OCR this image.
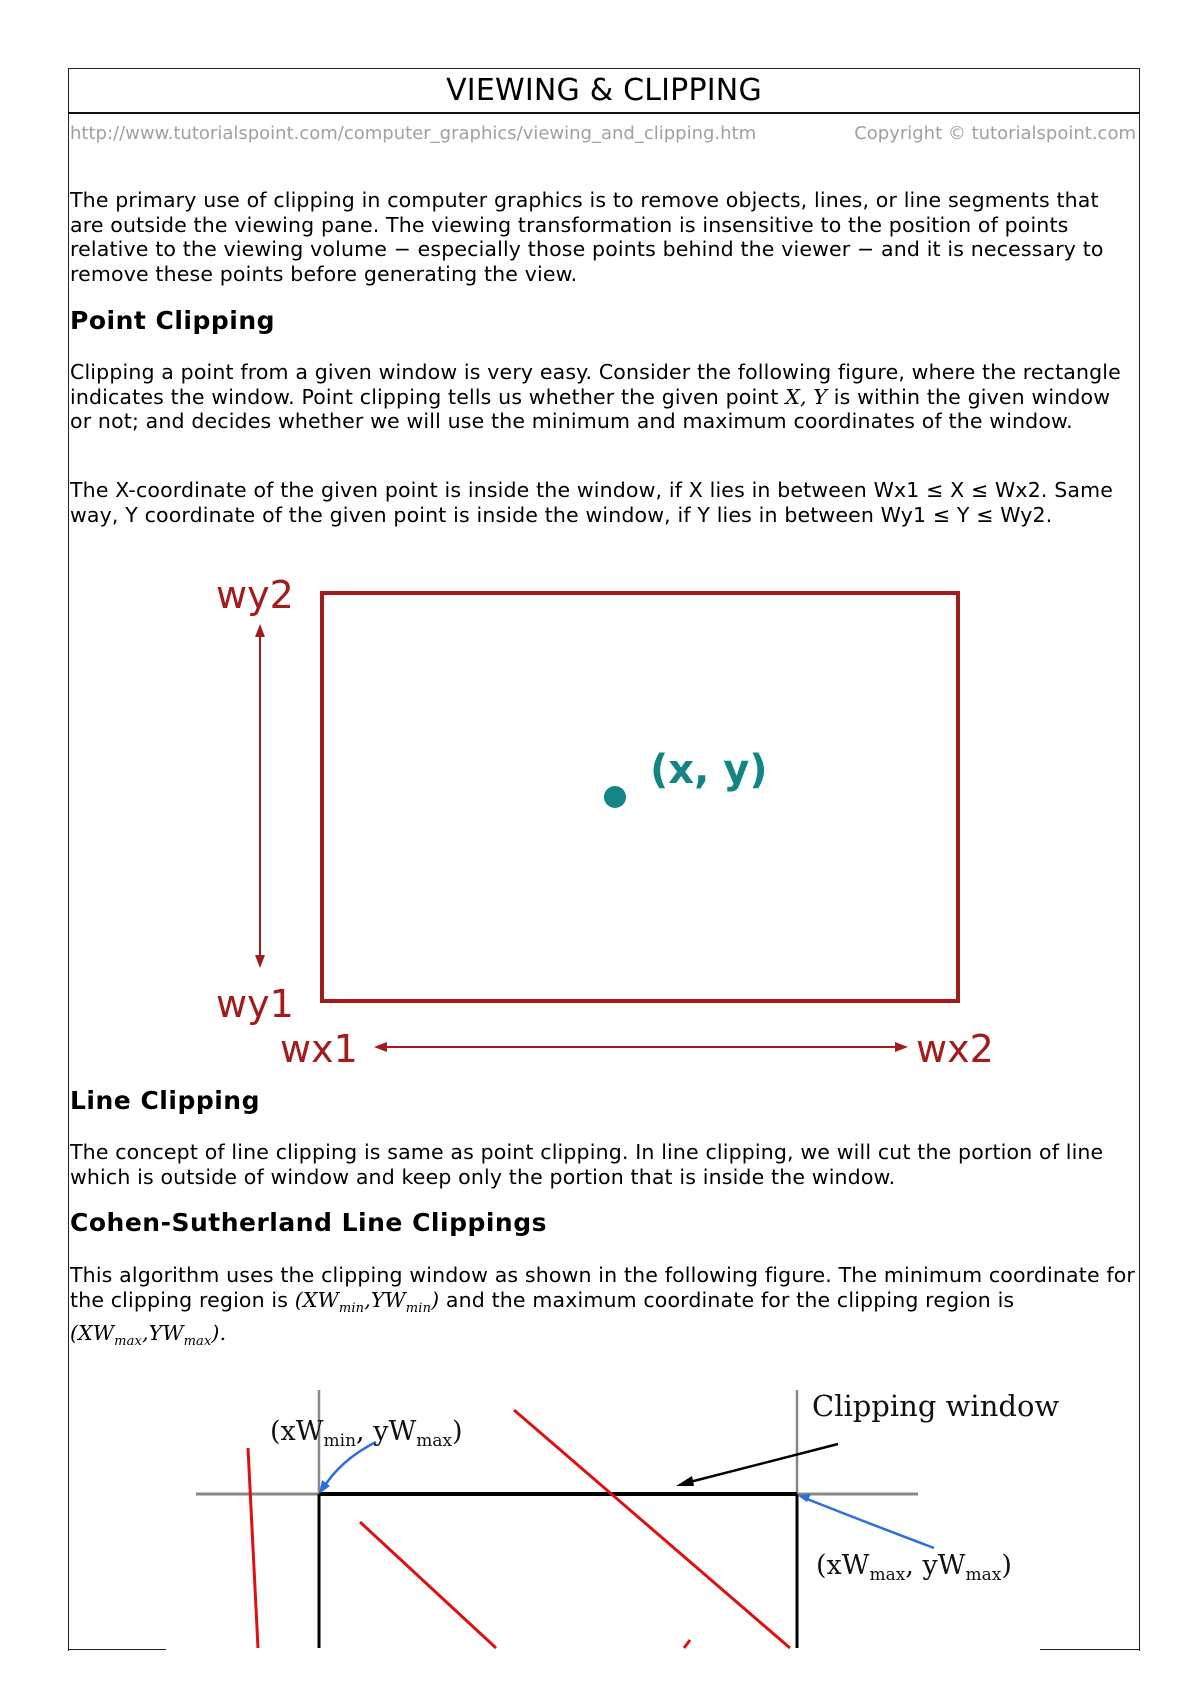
VIEWING & CLIPPING
http://www.tutorialspoint.com/computer_graphics/viewing_and_clipping.htm	Copyright © tutorialspoint.com

The primary use of clipping in computer graphics is to remove objects, lines, or line segments that are outside the viewing pane. The viewing transformation is insensitive to the position of points relative to the viewing volume − especially those points behind the viewer − and it is necessary to remove these points before generating the view.

Point Clipping

Clipping a point from a given window is very easy. Consider the following figure, where the rectangle indicates the window. Point clipping tells us whether the given point X, Y is within the given window or not; and decides whether we will use the minimum and maximum coordinates of the window.

The X-coordinate of the given point is inside the window, if X lies in between Wx1 ≤ X ≤ Wx2. Same way, Y coordinate of the given point is inside the window, if Y lies in between Wy1 ≤ Y ≤ Wy2.

wy2
wy1
wx1	wx2
(x, y)
Line Clipping

The concept of line clipping is same as point clipping. In line clipping, we will cut the portion of line which is outside of window and keep only the portion that is inside the window.

Cohen-Sutherland Line Clippings

This algorithm uses the clipping window as shown in the following figure. The minimum coordinate for the clipping region is $(XW_{min},YW_{min})$ and the maximum coordinate for the clipping region is
$(XW_{max},YW_{max})$.

Clipping window
($xW_{min}$, $yW_{max}$)
($xW_{max}$, $yW_{max}$)
